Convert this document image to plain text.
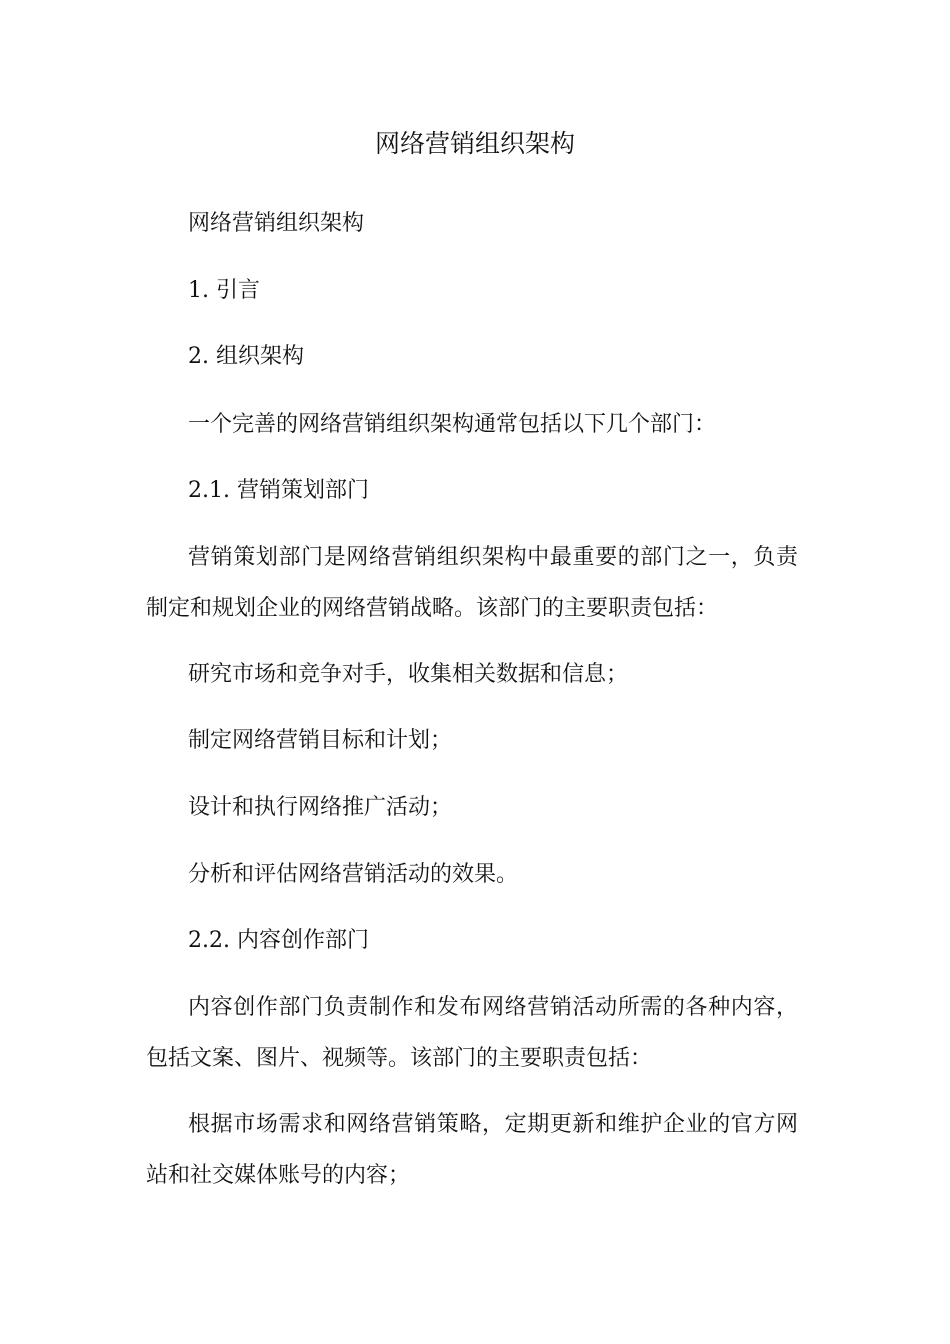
网络营销组织架构
网络营销组织架构
1. 引言
2. 组织架构
一个完善的网络营销组织架构通常包括以下几个部门：
2.1. 营销策划部门
营销策划部门是网络营销组织架构中最重要的部门之一，负责
制定和规划企业的网络营销战略。该部门的主要职责包括：
研究市场和竞争对手，收集相关数据和信息；
制定网络营销目标和计划；
设计和执行网络推广活动；
分析和评估网络营销活动的效果。
2.2. 内容创作部门
内容创作部门负责制作和发布网络营销活动所需的各种内容，
包括文案、图片、视频等。该部门的主要职责包括：
根据市场需求和网络营销策略，定期更新和维护企业的官方网
站和社交媒体账号的内容；
